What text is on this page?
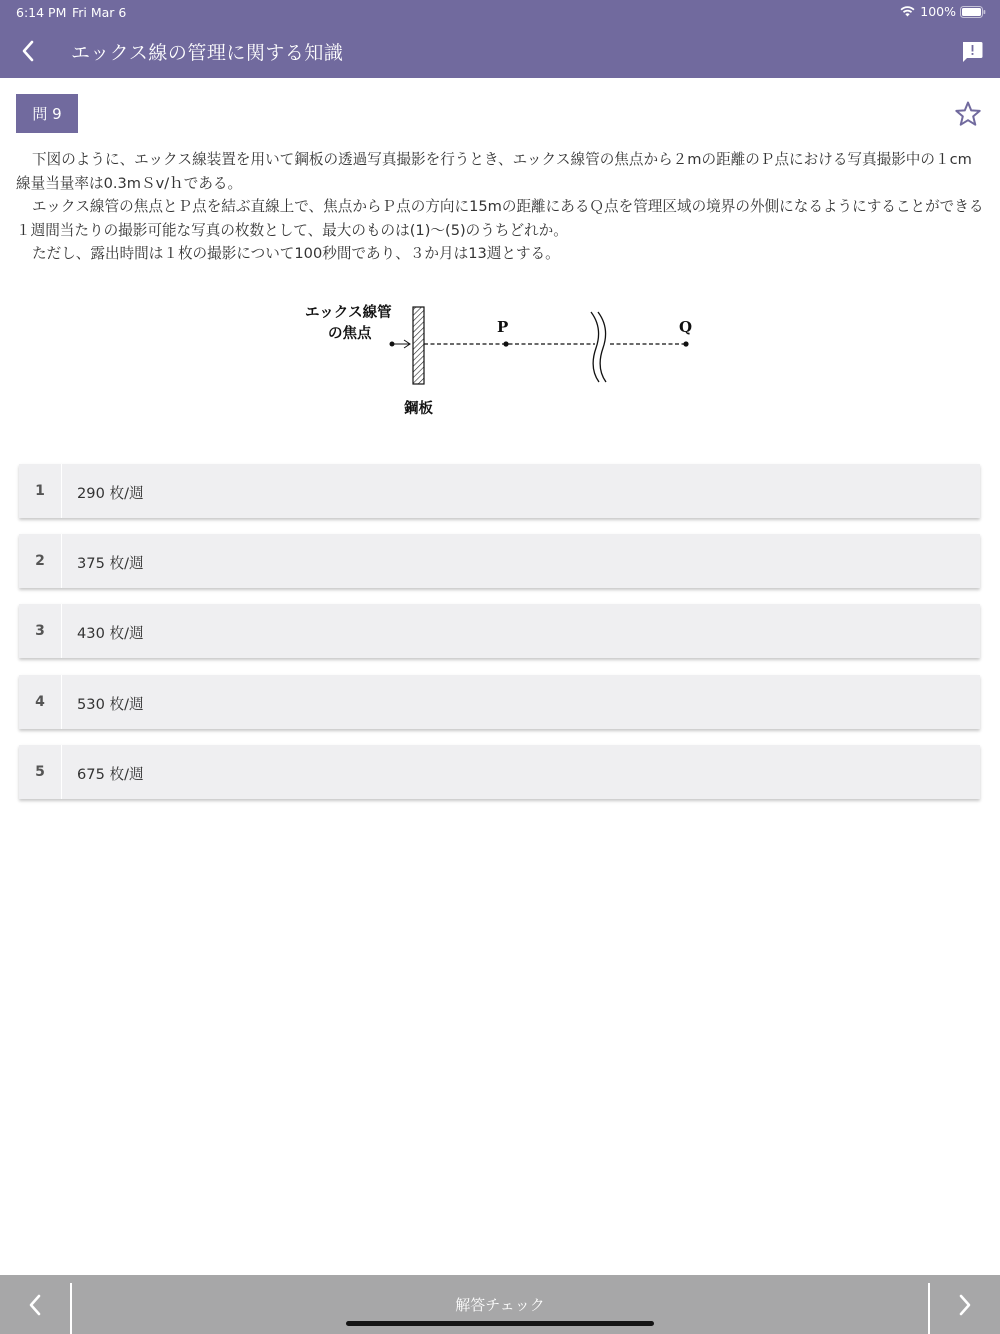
6:14 PM Fri Mar 6	100%
エックス線の管理に関する知識
問 9

下図のように、エックス線装置を用いて鋼板の透過写真撮影を行うとき、エックス線管の焦点から２mの距離のＰ点における写真撮影中の１cm線量当量率は0.3mＳv/ｈである。

エックス線管の焦点とＰ点を結ぶ直線上で、焦点からＰ点の方向に15mの距離にあるＱ点を管理区域の境界の外側になるようにすることができる１週間当たりの撮影可能な写真の枚数として、最大のものは(1)〜(5)のうちどれか。

ただし、露出時間は１枚の撮影について100秒間であり、３か月は13週とする。

エックス線管
の焦点	P	Q
鋼板
1	290 枚/週
2	375 枚/週
3	430 枚/週
4	530 枚/週
5	675 枚/週
解答チェック
